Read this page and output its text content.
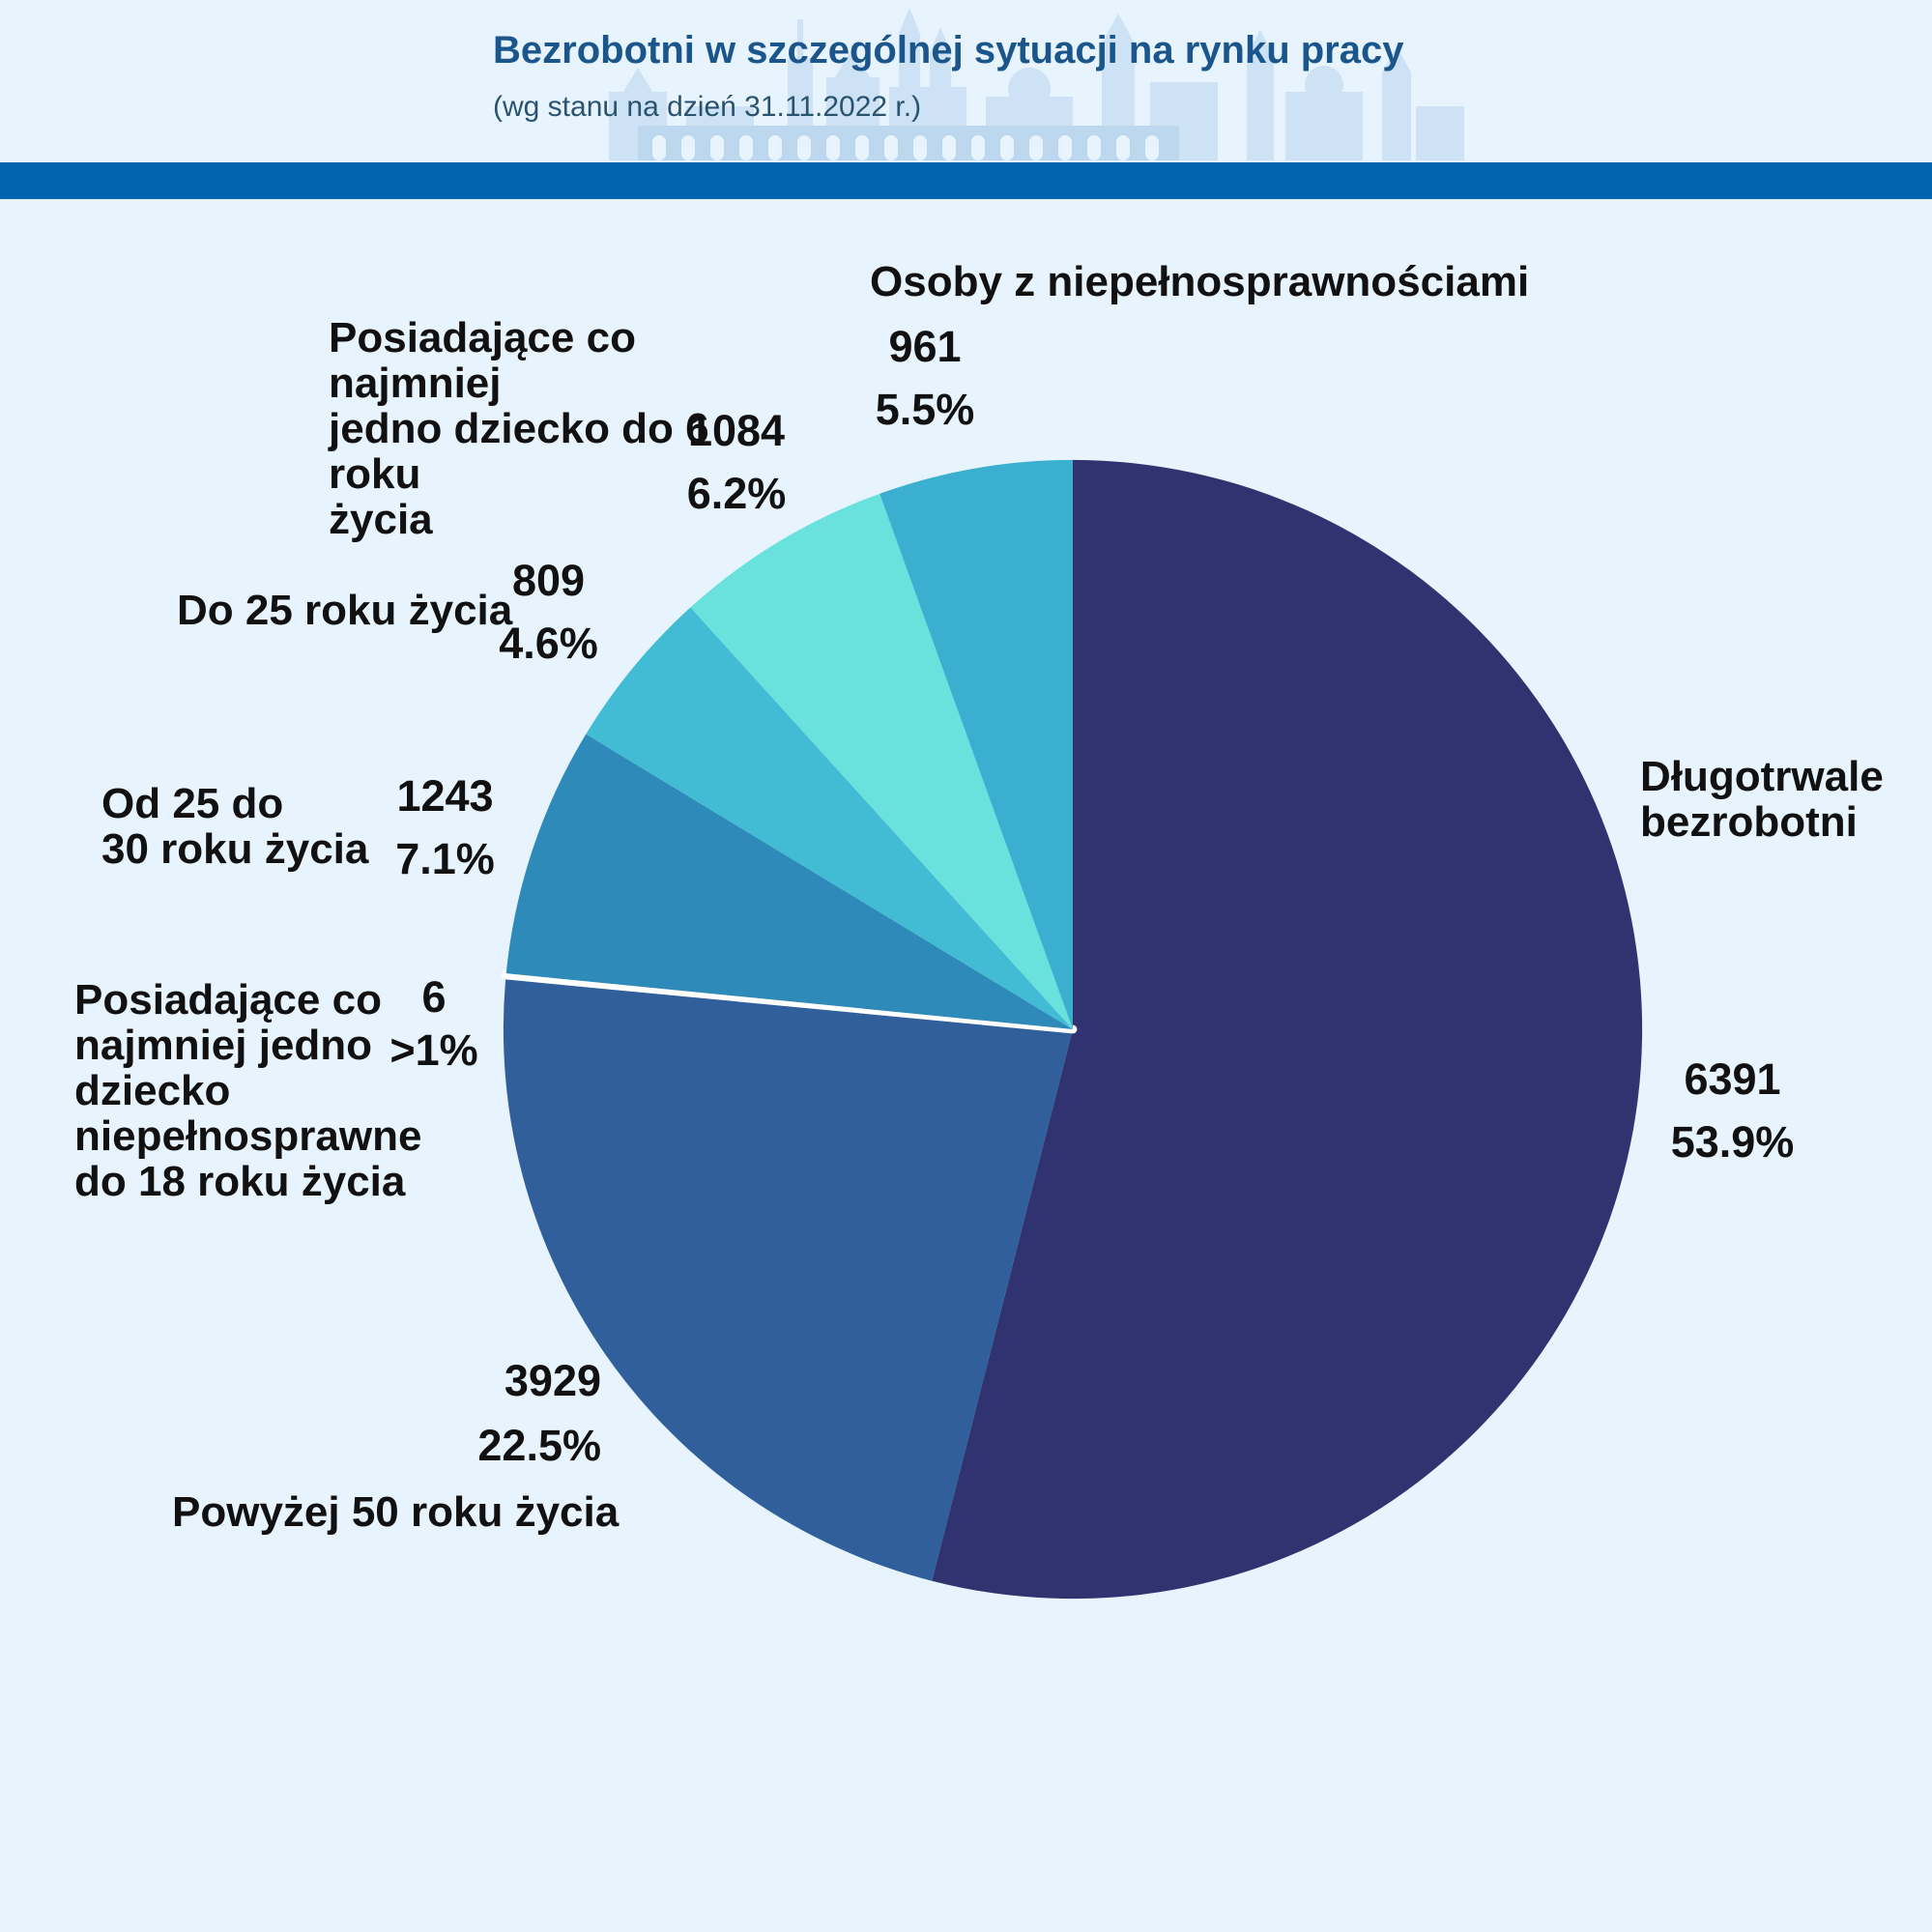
Bezrobotni w szczególnej sytuacji na rynku pracy
(wg stanu na dzień 31.11.2022 r.)
Osoby z niepełnosprawnościami
961
5.5%
Posiadające co najmniej
jedno dziecko do 6 roku
życia
1084
6.2%
Do 25 roku życia
809
4.6%
Od 25 do
30 roku życia
1243
7.1%
Posiadające co
najmniej jedno
dziecko
niepełnosprawne
do 18 roku życia
6
>1%
3929
22.5%
Powyżej 50 roku życia
Długotrwale
bezrobotni
6391
53.9%
